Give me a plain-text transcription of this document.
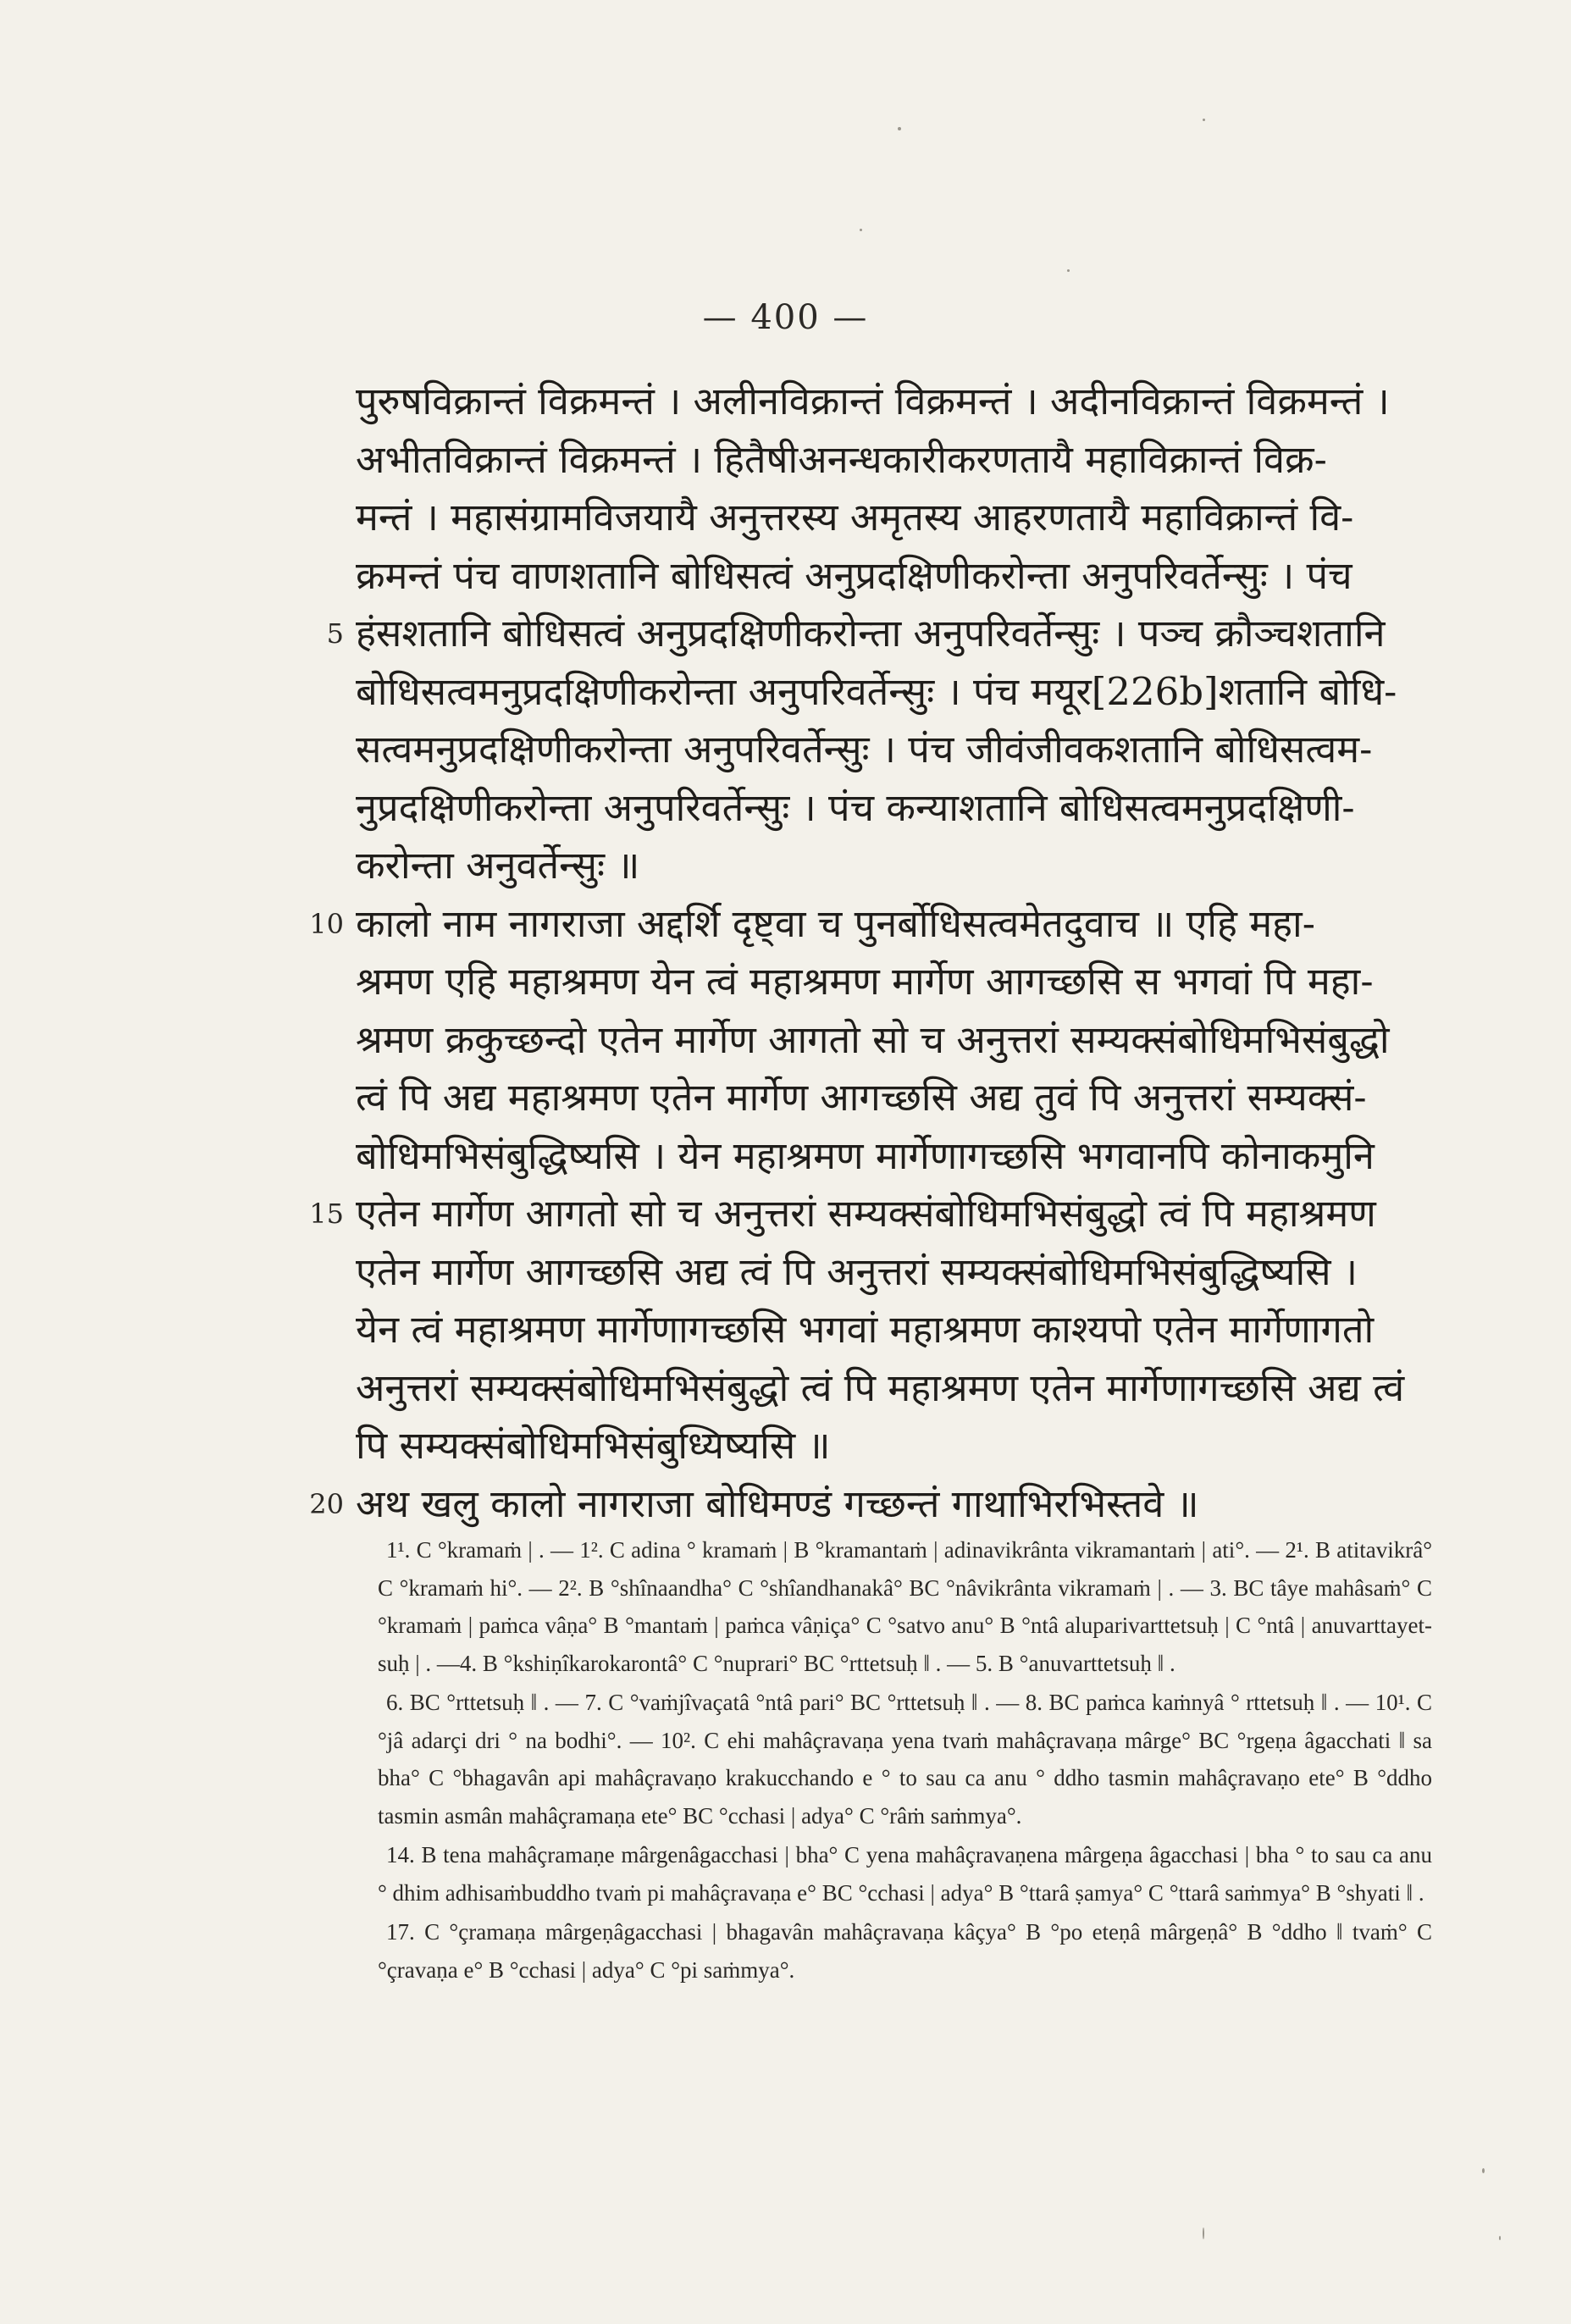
— 400 —
पुरुषविक्रान्तं विक्रमन्तं । अलीनविक्रान्तं विक्रमन्तं । अदीनविक्रान्तं विक्रमन्तं ।
अभीतविक्रान्तं विक्रमन्तं । हितैषीअनन्धकारीकरणतायै महाविक्रान्तं विक्र-
मन्तं । महासंग्रामविजयायै अनुत्तरस्य अमृतस्य आहरणतायै महाविक्रान्तं वि-
क्रमन्तं पंच वाणशतानि बोधिसत्वं अनुप्रदक्षिणीकरोन्ता अनुपरिवर्तेन्सुः । पंच
5 हंसशतानि बोधिसत्वं अनुप्रदक्षिणीकरोन्ता अनुपरिवर्तेन्सुः । पञ्च क्रौञ्चशतानि
बोधिसत्वमनुप्रदक्षिणीकरोन्ता अनुपरिवर्तेन्सुः । पंच मयूर[226b]शतानि बोधि-
सत्वमनुप्रदक्षिणीकरोन्ता अनुपरिवर्तेन्सुः । पंच जीवंजीवकशतानि बोधिसत्वम-
नुप्रदक्षिणीकरोन्ता अनुपरिवर्तेन्सुः । पंच कन्याशतानि बोधिसत्वमनुप्रदक्षिणी-
करोन्ता अनुवर्तेन्सुः ॥
10 कालो नाम नागराजा अद्दर्शि दृष्ट्वा च पुनर्बोधिसत्वमेतदुवाच ॥ एहि महा-
श्रमण एहि महाश्रमण येन त्वं महाश्रमण मार्गेण आगच्छसि स भगवां पि महा-
श्रमण क्रकुच्छन्दो एतेन मार्गेण आगतो सो च अनुत्तरां सम्यक्संबोधिमभिसंबुद्धो
त्वं पि अद्य महाश्रमण एतेन मार्गेण आगच्छसि अद्य तुवं पि अनुत्तरां सम्यक्सं-
बोधिमभिसंबुद्धिष्यसि । येन महाश्रमण मार्गेणागच्छसि भगवानपि कोनाकमुनि
15 एतेन मार्गेण आगतो सो च अनुत्तरां सम्यक्संबोधिमभिसंबुद्धो त्वं पि महाश्रमण
एतेन मार्गेण आगच्छसि अद्य त्वं पि अनुत्तरां सम्यक्संबोधिमभिसंबुद्धिष्यसि ।
येन त्वं महाश्रमण मार्गेणागच्छसि भगवां महाश्रमण काश्यपो एतेन मार्गेणागतो
अनुत्तरां सम्यक्संबोधिमभिसंबुद्धो त्वं पि महाश्रमण एतेन मार्गेणागच्छसि अद्य त्वं
पि सम्यक्संबोधिमभिसंबुध्यिष्यसि ॥
20 अथ खलु कालो नागराजा बोधिमण्डं गच्छन्तं गाथाभिरभिस्तवे ॥

1¹. C °kramaṁ | . — 1². C adina ° kramaṁ | B °kramantaṁ | adinavikrânta vikramantaṁ | ati°. — 2¹. B atitavikrâ° C °kramaṁ hi°. — 2². B °shînaandha° C °shîandhanakâ° BC °nâvikrânta vikramaṁ | . — 3. BC tâye mahâsaṁ° C °kramaṁ | paṁca vâṇa° B °mantaṁ | paṁca vâṇiça° C °satvo anu° B °ntâ aluparivarttetsuḥ | C °ntâ | anuvarttayetsuḥ | . —4. B °kshiṇîkarokarontâ° C °nuprari° BC °rttetsuḥ ‖ . — 5. B °anuvarttetsuḥ ‖ .

6. BC °rttetsuḥ ‖ . — 7. C °vaṁjîvaçatâ °ntâ pari° BC °rttetsuḥ ‖ . — 8. BC paṁca kaṁnyâ ° rttetsuḥ ‖ . — 10¹. C °jâ adarçi dri ° na bodhi°. — 10². C ehi mahâçravaṇa yena tvaṁ mahâçravaṇa mârge° BC °rgeṇa âgacchati ‖ sa bha° C °bhagavân api mahâçravaṇo krakucchando e ° to sau ca anu ° ddho tasmin mahâçravaṇo ete° B °ddho tasmin asmân mahâçramaṇa ete° BC °cchasi | adya° C °râṁ saṁmya°.

14. B tena mahâçramaṇe mârgenâgacchasi | bha° C yena mahâçravaṇena mârgeṇa âgacchasi | bha ° to sau ca anu ° dhim adhisaṁbuddho tvaṁ pi mahâçravaṇa e° BC °cchasi | adya° B °ttarâ ṣamya° C °ttarâ saṁmya° B °shyati ‖ .

17. C °çramaṇa mârgeṇâgacchasi | bhagavân mahâçravaṇa kâçya° B °po eteṇâ mârgeṇâ° B °ddho ‖ tvaṁ° C °çravaṇa e° B °cchasi | adya° C °pi saṁmya°.
